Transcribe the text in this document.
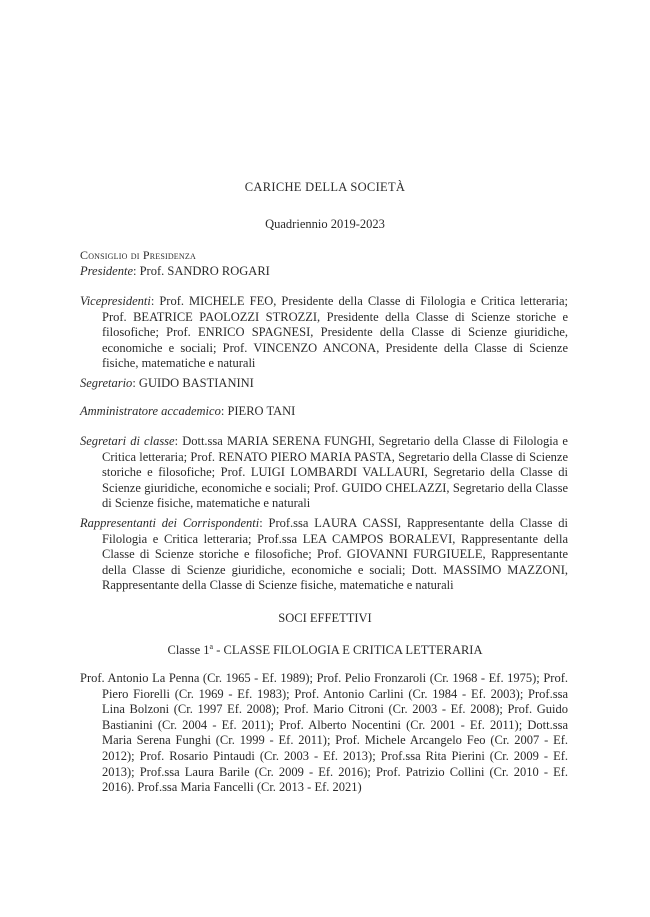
CARICHE DELLA SOCIETÀ
Quadriennio 2019-2023
Consiglio di Presidenza
Presidente: Prof. SANDRO ROGARI
Vicepresidenti: Prof. MICHELE FEO, Presidente della Classe di Filologia e Critica letteraria; Prof. BEATRICE PAOLOZZI STROZZI, Presidente della Classe di Scienze storiche e filosofiche; Prof. ENRICO SPAGNESI, Presidente della Classe di Scienze giuridiche, economiche e sociali; Prof. VINCENZO ANCONA, Presidente della Classe di Scienze fisiche, matematiche e naturali
Segretario: GUIDO BASTIANINI
Amministratore accademico: PIERO TANI
Segretari di classe: Dott.ssa MARIA SERENA FUNGHI, Segretario della Classe di Filologia e Critica letteraria; Prof. RENATO PIERO MARIA PASTA, Segretario della Classe di Scienze storiche e filosofiche; Prof. LUIGI LOMBARDI VALLAURI, Segretario della Classe di Scienze giuridiche, economiche e sociali; Prof. GUIDO CHELAZZI, Segretario della Classe di Scienze fisiche, matematiche e naturali
Rappresentanti dei Corrispondenti: Prof.ssa LAURA CASSI, Rappresentante della Classe di Filologia e Critica letteraria; Prof.ssa LEA CAMPOS BORALEVI, Rappresentante della Classe di Scienze storiche e filosofiche; Prof. GIOVANNI FURGIUELE, Rappresentante della Classe di Scienze giuridiche, economiche e sociali; Dott. MASSIMO MAZZONI, Rappresentante della Classe di Scienze fisiche, matematiche e naturali
SOCI EFFETTIVI
Classe 1$^a$ - CLASSE FILOLOGIA E CRITICA LETTERARIA
Prof. Antonio La Penna (Cr. 1965 - Ef. 1989); Prof. Pelio Fronzaroli (Cr. 1968 - Ef. 1975); Prof. Piero Fiorelli (Cr. 1969 - Ef. 1983); Prof. Antonio Carlini (Cr. 1984 - Ef. 2003); Prof.ssa Lina Bolzoni (Cr. 1997 Ef. 2008); Prof. Mario Citroni (Cr. 2003 - Ef. 2008); Prof. Guido Bastianini (Cr. 2004 - Ef. 2011); Prof. Alberto Nocentini (Cr. 2001 - Ef. 2011); Dott.ssa Maria Serena Funghi (Cr. 1999 - Ef. 2011); Prof. Michele Arcangelo Feo (Cr. 2007 - Ef. 2012); Prof. Rosario Pintaudi (Cr. 2003 - Ef. 2013); Prof.ssa Rita Pierini (Cr. 2009 - Ef. 2013); Prof.ssa Laura Barile (Cr. 2009 - Ef. 2016); Prof. Patrizio Collini (Cr. 2010 - Ef. 2016). Prof.ssa Maria Fancelli (Cr. 2013 - Ef. 2021)
